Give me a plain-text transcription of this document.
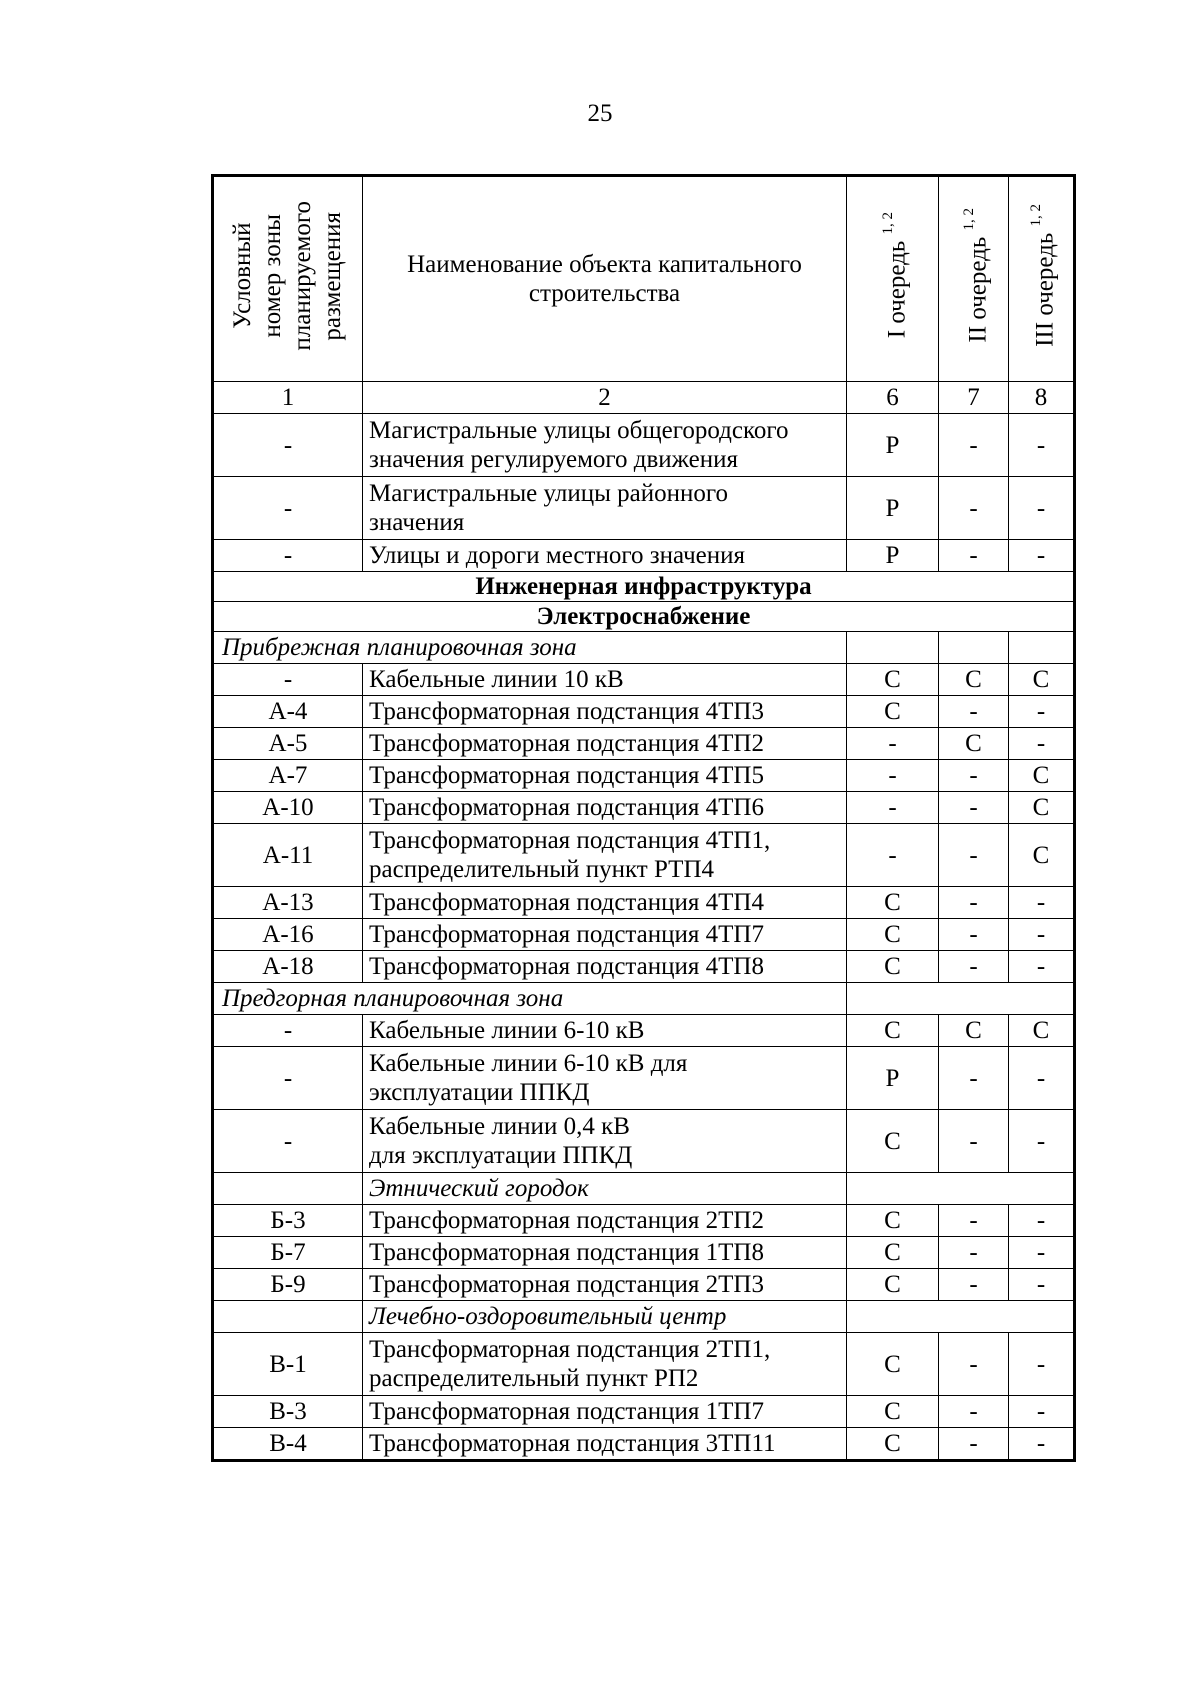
25
Условный номер зоны планируемого размещения	Наименование объекта капитального
строительства	I очередь $^{1, 2}$	II очередь $^{1, 2}$	III очередь $^{1, 2}$
1	2	6	7	8
-	Магистральные улицы общегородского
значения регулируемого движения	Р	-	-
-	Магистральные улицы районного
значения	Р	-	-
-	Улицы и дороги местного значения	Р	-	-
Инженерная инфраструктура				
Электроснабжение				
Прибрежная планировочная зона				
-	Кабельные линии 10 кВ	С	С	С
А-4	Трансформаторная подстанция 4ТП3	С	-	-
А-5	Трансформаторная подстанция 4ТП2	-	С	-
А-7	Трансформаторная подстанция 4ТП5	-	-	С
А-10	Трансформаторная подстанция 4ТП6	-	-	С
А-11	Трансформаторная подстанция 4ТП1,
распределительный пункт РТП4	-	-	С
А-13	Трансформаторная подстанция 4ТП4	С	-	-
А-16	Трансформаторная подстанция 4ТП7	С	-	-
А-18	Трансформаторная подстанция 4ТП8	С	-	-
Предгорная планировочная зона				
-	Кабельные линии 6-10 кВ	С	С	С
-	Кабельные линии 6-10 кВ для
эксплуатации ППКД	Р	-	-
-	Кабельные линии 0,4 кВ
для эксплуатации ППКД	С	-	-
	Этнический городок			
Б-3	Трансформаторная подстанция 2ТП2	С	-	-
Б-7	Трансформаторная подстанция 1ТП8	С	-	-
Б-9	Трансформаторная подстанция 2ТП3	С	-	-
	Лечебно-оздоровительный центр			
В-1	Трансформаторная подстанция 2ТП1,
распределительный пункт РП2	С	-	-
В-3	Трансформаторная подстанция 1ТП7	С	-	-
В-4	Трансформаторная подстанция 3ТП11	С	-	-
